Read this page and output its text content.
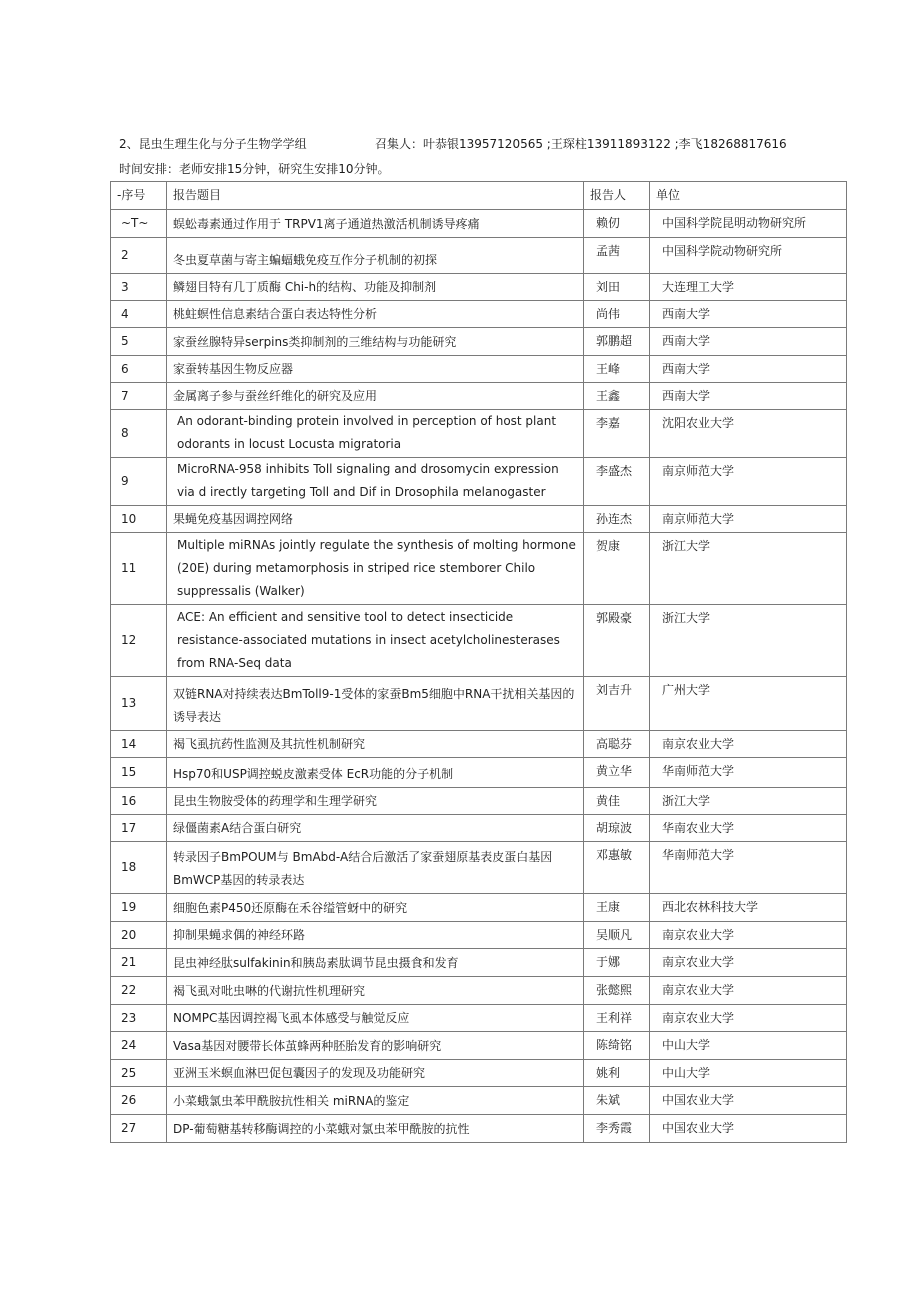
2、昆虫生理生化与分子生物学学组	召集人：叶恭银13957120565 ;王琛柱13911893122 ;李飞18268817616
时间安排：老师安排15分钟，研究生安排10分钟。
-序号	报告题目	报告人	单位
~T~	蜈蚣毒素通过作用于 TRPV1离子通道热激活机制诱导疼痛	赖仞	中国科学院昆明动物研究所
2	冬虫夏草菌与寄主蝙蝠蛾免疫互作分子机制的初探	孟茜	中国科学院动物研究所
3	鳞翅目特有几丁质酶 Chi-h的结构、功能及抑制剂	刘田	大连理工大学
4	桃蛀螟性信息素结合蛋白表达特性分析	尚伟	西南大学
5	家蚕丝腺特异serpins类抑制剂的三维结构与功能研究	郭鹏超	西南大学
6	家蚕转基因生物反应器	王峰	西南大学
7	金属离子参与蚕丝纤维化的研究及应用	王鑫	西南大学
8	An odorant-binding protein involved in perception of host plant odorants in locust Locusta migratoria	李嘉	沈阳农业大学
9	MicroRNA-958 inhibits Toll signaling and drosomycin expression via d irectly targeting Toll and Dif in Drosophila melanogaster	李盛杰	南京师范大学
10	果蝇免疫基因调控网络	孙连杰	南京师范大学
11	Multiple miRNAs jointly regulate the synthesis of molting hormone (20E) during metamorphosis in striped rice stemborer Chilo suppressalis (Walker)	贺康	浙江大学
12	ACE: An efficient and sensitive tool to detect insecticide resistance-associated mutations in insect acetylcholinesterases from RNA-Seq data	郭殿豪	浙江大学
13	双链RNA对持续表达BmToll9-1受体的家蚕Bm5细胞中RNA干扰相关基因的诱导表达	刘吉升	广州大学
14	褐飞虱抗药性监测及其抗性机制研究	高聪芬	南京农业大学
15	Hsp70和USP调控蜕皮激素受体 EcR功能的分子机制	黄立华	华南师范大学
16	昆虫生物胺受体的药理学和生理学研究	黄佳	浙江大学
17	绿僵菌素A结合蛋白研究	胡琼波	华南农业大学
18	转录因子BmPOUM与 BmAbd-A结合后激活了家蚕翅原基表皮蛋白基因BmWCP基因的转录表达	邓惠敏	华南师范大学
19	细胞色素P450还原酶在禾谷缢管蚜中的研究	王康	西北农林科技大学
20	抑制果蝇求偶的神经环路	吴顺凡	南京农业大学
21	昆虫神经肽sulfakinin和胰岛素肽调节昆虫摄食和发育	于娜	南京农业大学
22	褐飞虱对吡虫啉的代谢抗性机理研究	张懿熙	南京农业大学
23	NOMPC基因调控褐飞虱本体感受与触觉反应	王利祥	南京农业大学
24	Vasa基因对腰带长体茧蜂两种胚胎发育的影响研究	陈绮铭	中山大学
25	亚洲玉米螟血淋巴促包囊因子的发现及功能研究	姚利	中山大学
26	小菜蛾氯虫苯甲酰胺抗性相关 miRNA的鉴定	朱斌	中国农业大学
27	DP-葡萄糖基转移酶调控的小菜蛾对氯虫苯甲酰胺的抗性	李秀霞	中国农业大学
